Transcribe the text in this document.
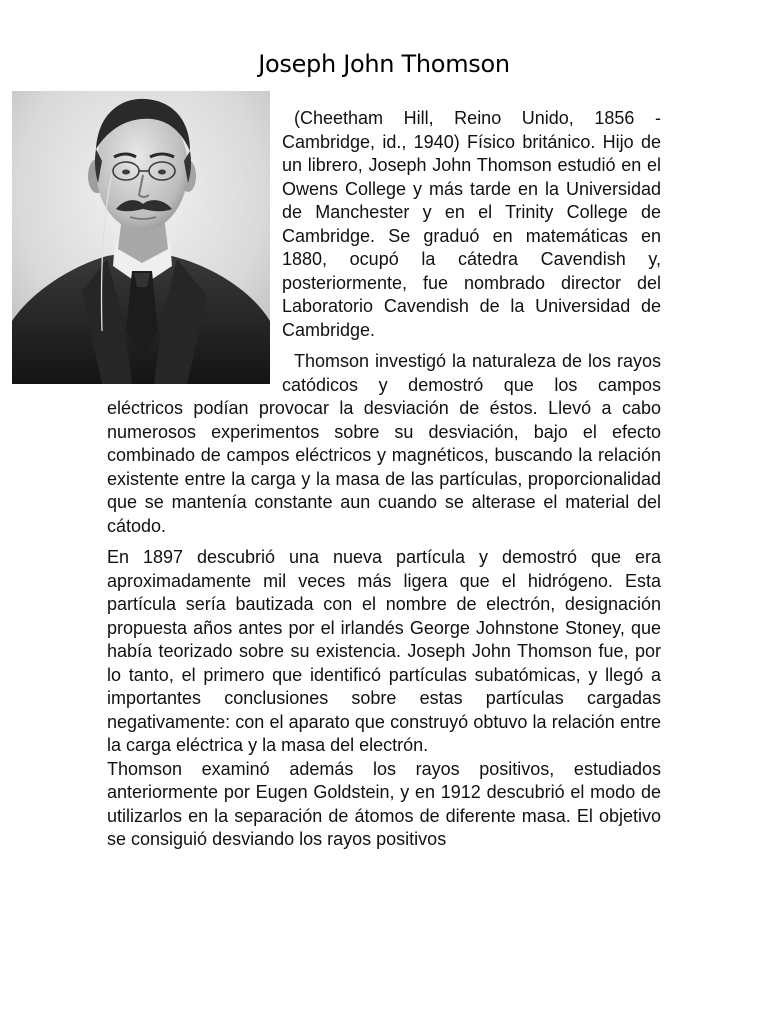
Joseph John Thomson

(Cheetham Hill, Reino Unido, 1856 - Cambridge, id., 1940) Físico británico. Hijo de un librero, Joseph John Thomson estudió en el Owens College y más tarde en la Universidad de Manchester y en el Trinity College de Cambridge. Se graduó en matemáticas en 1880, ocupó la cátedra Cavendish y, posteriormente, fue nombrado director del Laboratorio Cavendish de la Universidad de Cambridge.

Thomson investigó la naturaleza de los rayos catódicos y demostró que los campos eléctricos podían provocar la desviación de éstos. Llevó a cabo numerosos experimentos sobre su desviación, bajo el efecto combinado de campos eléctricos y magnéticos, buscando la relación existente entre la carga y la masa de las partículas, proporcionalidad que se mantenía constante aun cuando se alterase el material del cátodo.

En 1897 descubrió una nueva partícula y demostró que era aproximadamente mil veces más ligera que el hidrógeno. Esta partícula sería bautizada con el nombre de electrón, designación propuesta años antes por el irlandés George Johnstone Stoney, que había teorizado sobre su existencia. Joseph John Thomson fue, por lo tanto, el primero que identificó partículas subatómicas, y llegó a importantes conclusiones sobre estas partículas cargadas negativamente: con el aparato que construyó obtuvo la relación entre la carga eléctrica y la masa del electrón.

Thomson examinó además los rayos positivos, estudiados anteriormente por Eugen Goldstein, y en 1912 descubrió el modo de utilizarlos en la separación de átomos de diferente masa. El objetivo se consiguió desviando los rayos positivos
